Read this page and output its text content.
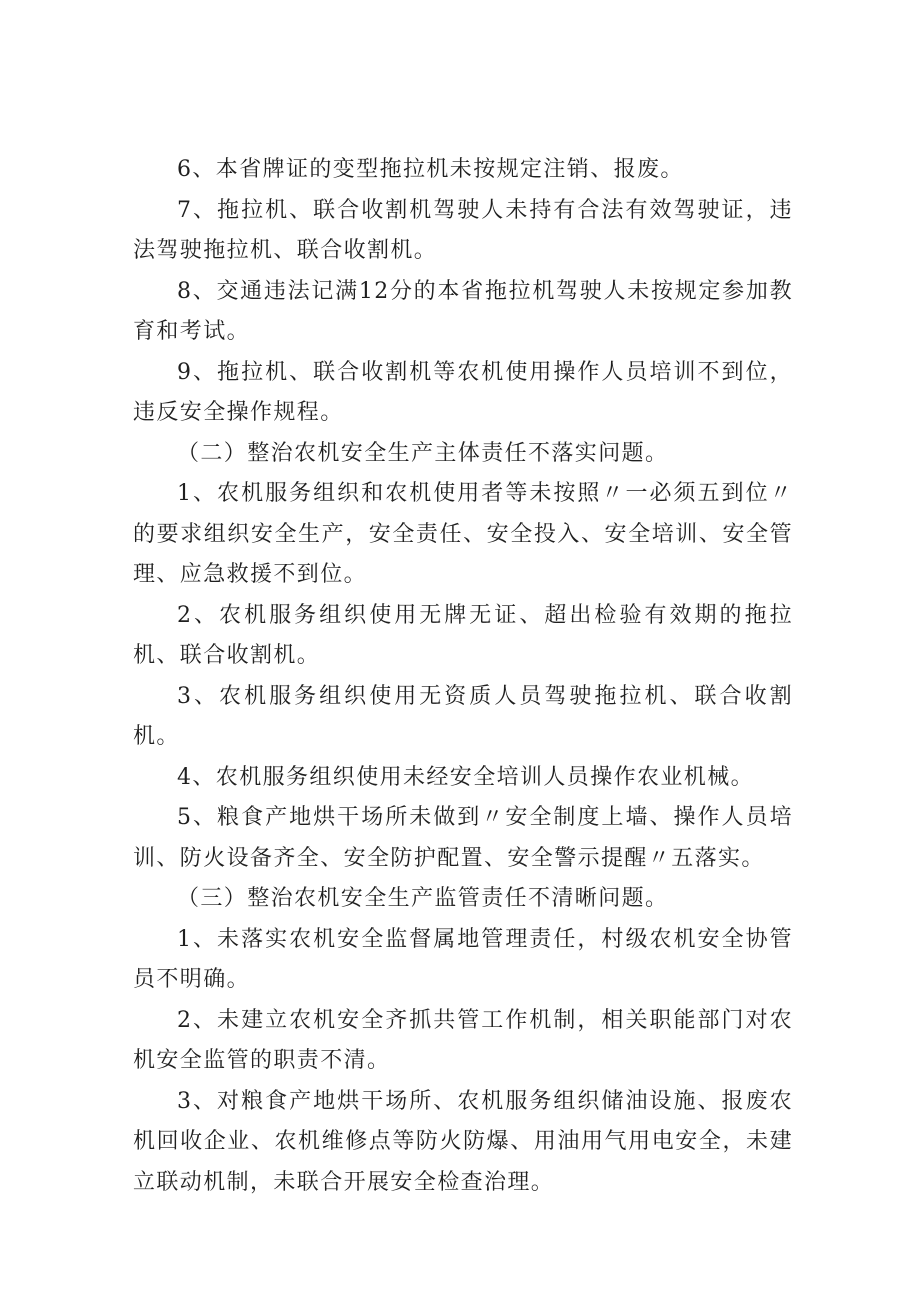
6、本省牌证的变型拖拉机未按规定注销、报废。

7、拖拉机、联合收割机驾驶人未持有合法有效驾驶证，违法驾驶拖拉机、联合收割机。

8、交通违法记满12分的本省拖拉机驾驶人未按规定参加教育和考试。

9、拖拉机、联合收割机等农机使用操作人员培训不到位，违反安全操作规程。

（二）整治农机安全生产主体责任不落实问题。

1、农机服务组织和农机使用者等未按照〃一必须五到位〃的要求组织安全生产，安全责任、安全投入、安全培训、安全管理、应急救援不到位。

2、农机服务组织使用无牌无证、超出检验有效期的拖拉机、联合收割机。

3、农机服务组织使用无资质人员驾驶拖拉机、联合收割机。

4、农机服务组织使用未经安全培训人员操作农业机械。

5、粮食产地烘干场所未做到〃安全制度上墙、操作人员培训、防火设备齐全、安全防护配置、安全警示提醒〃五落实。

（三）整治农机安全生产监管责任不清晰问题。

1、未落实农机安全监督属地管理责任，村级农机安全协管员不明确。

2、未建立农机安全齐抓共管工作机制，相关职能部门对农机安全监管的职责不清。

3、对粮食产地烘干场所、农机服务组织储油设施、报废农机回收企业、农机维修点等防火防爆、用油用气用电安全，未建立联动机制，未联合开展安全检查治理。
